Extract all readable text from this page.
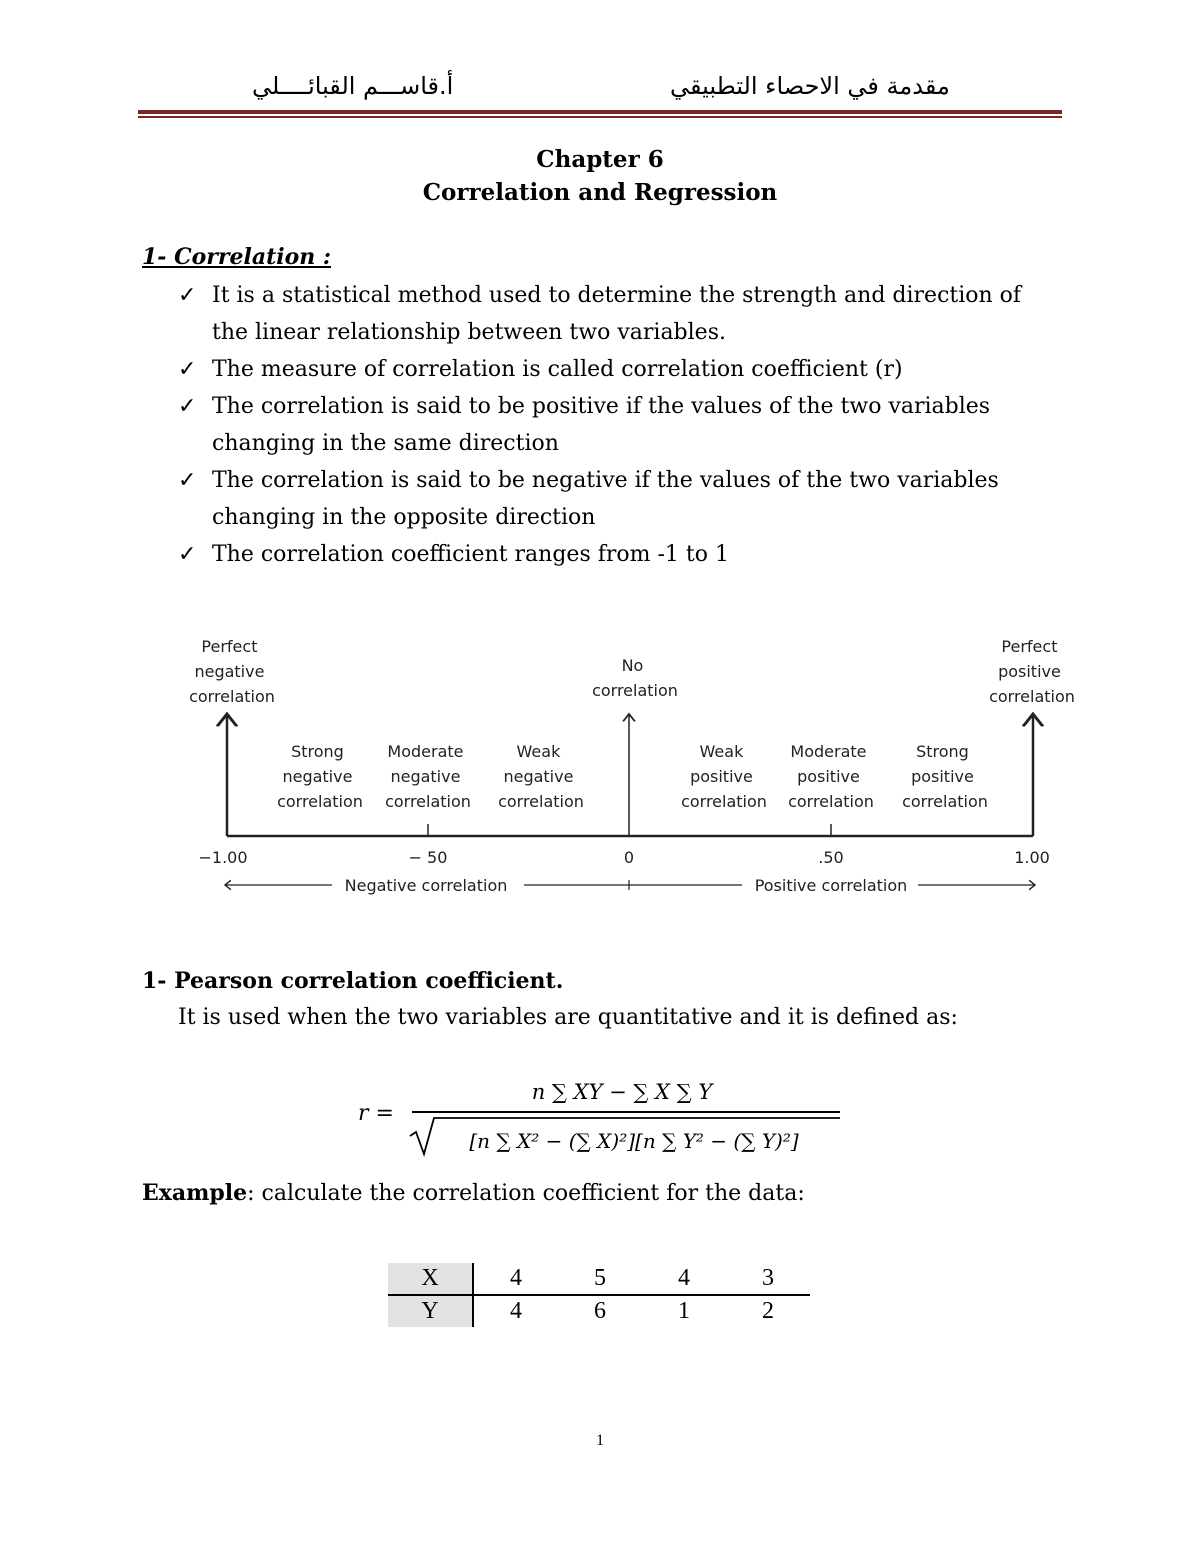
مقدمة في الاحصاء التطبيقي
أ.قاســـم القبائــــلي
Chapter 6
Correlation and Regression
1- Correlation :
✓ It is a statistical method used to determine the strength and direction of
the linear relationship between two variables.
✓ The measure of correlation is called correlation coefficient (r)
✓ The correlation is said to be positive if the values of the two variables
changing in the same direction
✓ The correlation is said to be negative if the values of the two variables
changing in the opposite direction
✓ The correlation coefficient ranges from -1 to 1
Perfect negative correlation
No correlation
Perfect positive correlation
Strong negative correlation
Moderate negative correlation
Weak negative correlation
Weak positive correlation
Moderate positive correlation
Strong positive correlation
−1.00	− 50	0	.50	1.00
Negative correlation	Positive correlation
1- Pearson correlation coefficient.
It is used when the two variables are quantitative and it is defined as:
r =
n ∑ XY − ∑ X ∑ Y
[n ∑ X² − (∑ X)²][n ∑ Y² − (∑ Y)²]
Example: calculate the correlation coefficient for the data:
X	4	5	4	3
Y	4	6	1	2
1
